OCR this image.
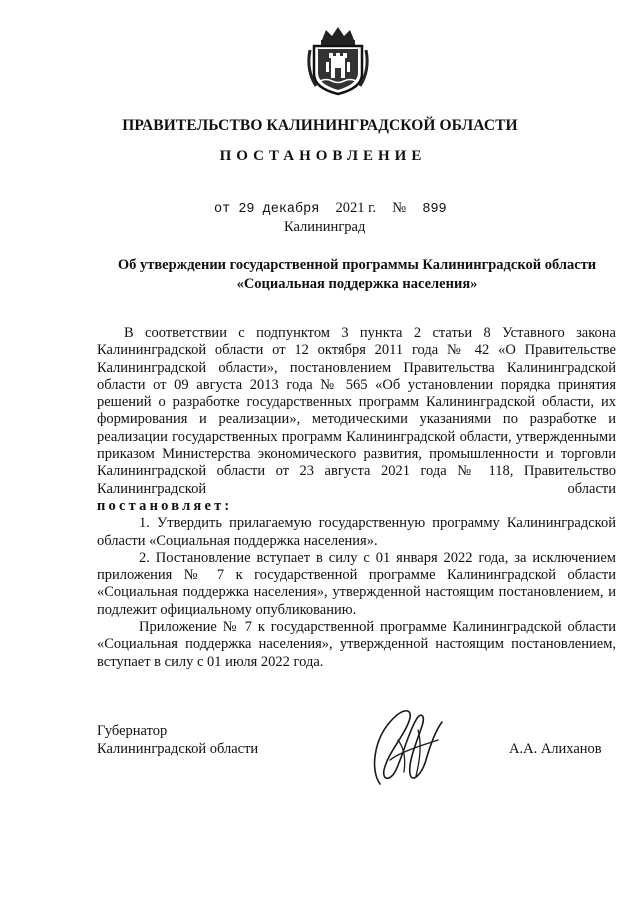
ПРАВИТЕЛЬСТВО КАЛИНИНГРАДСКОЙ ОБЛАСТИ
ПОСТАНОВЛЕНИЕ
от 29 декабря 2021 г. № 899
Калининград
Об утверждении государственной программы Калининградской области
«Социальная поддержка населения»

В соответствии с подпунктом 3 пункта 2 статьи 8 Уставного закона Калининградской области от 12 октября 2011 года № 42 «О Правительстве Калининградской области», постановлением Правительства Калининградской области от 09 августа 2013 года № 565 «Об установлении порядка принятия решений о разработке государственных программ Калининградской области, их формирования и реализации», методическими указаниями по разработке и реализации государственных программ Калининградской области, утвержденными приказом Министерства экономического развития, промышленности и торговли Калининградской области от 23 августа 2021 года № 118, Правительство Калининградской области

постановляет:

1. Утвердить прилагаемую государственную программу Калининградской области «Социальная поддержка населения».

2. Постановление вступает в силу с 01 января 2022 года, за исключением приложения № 7 к государственной программе Калининградской области «Социальная поддержка населения», утвержденной настоящим постановлением, и подлежит официальному опубликованию.

Приложение № 7 к государственной программе Калининградской области «Социальная поддержка населения», утвержденной настоящим постановлением, вступает в силу с 01 июля 2022 года.

Губернатор
Калининградской области	А.А. Алиханов
